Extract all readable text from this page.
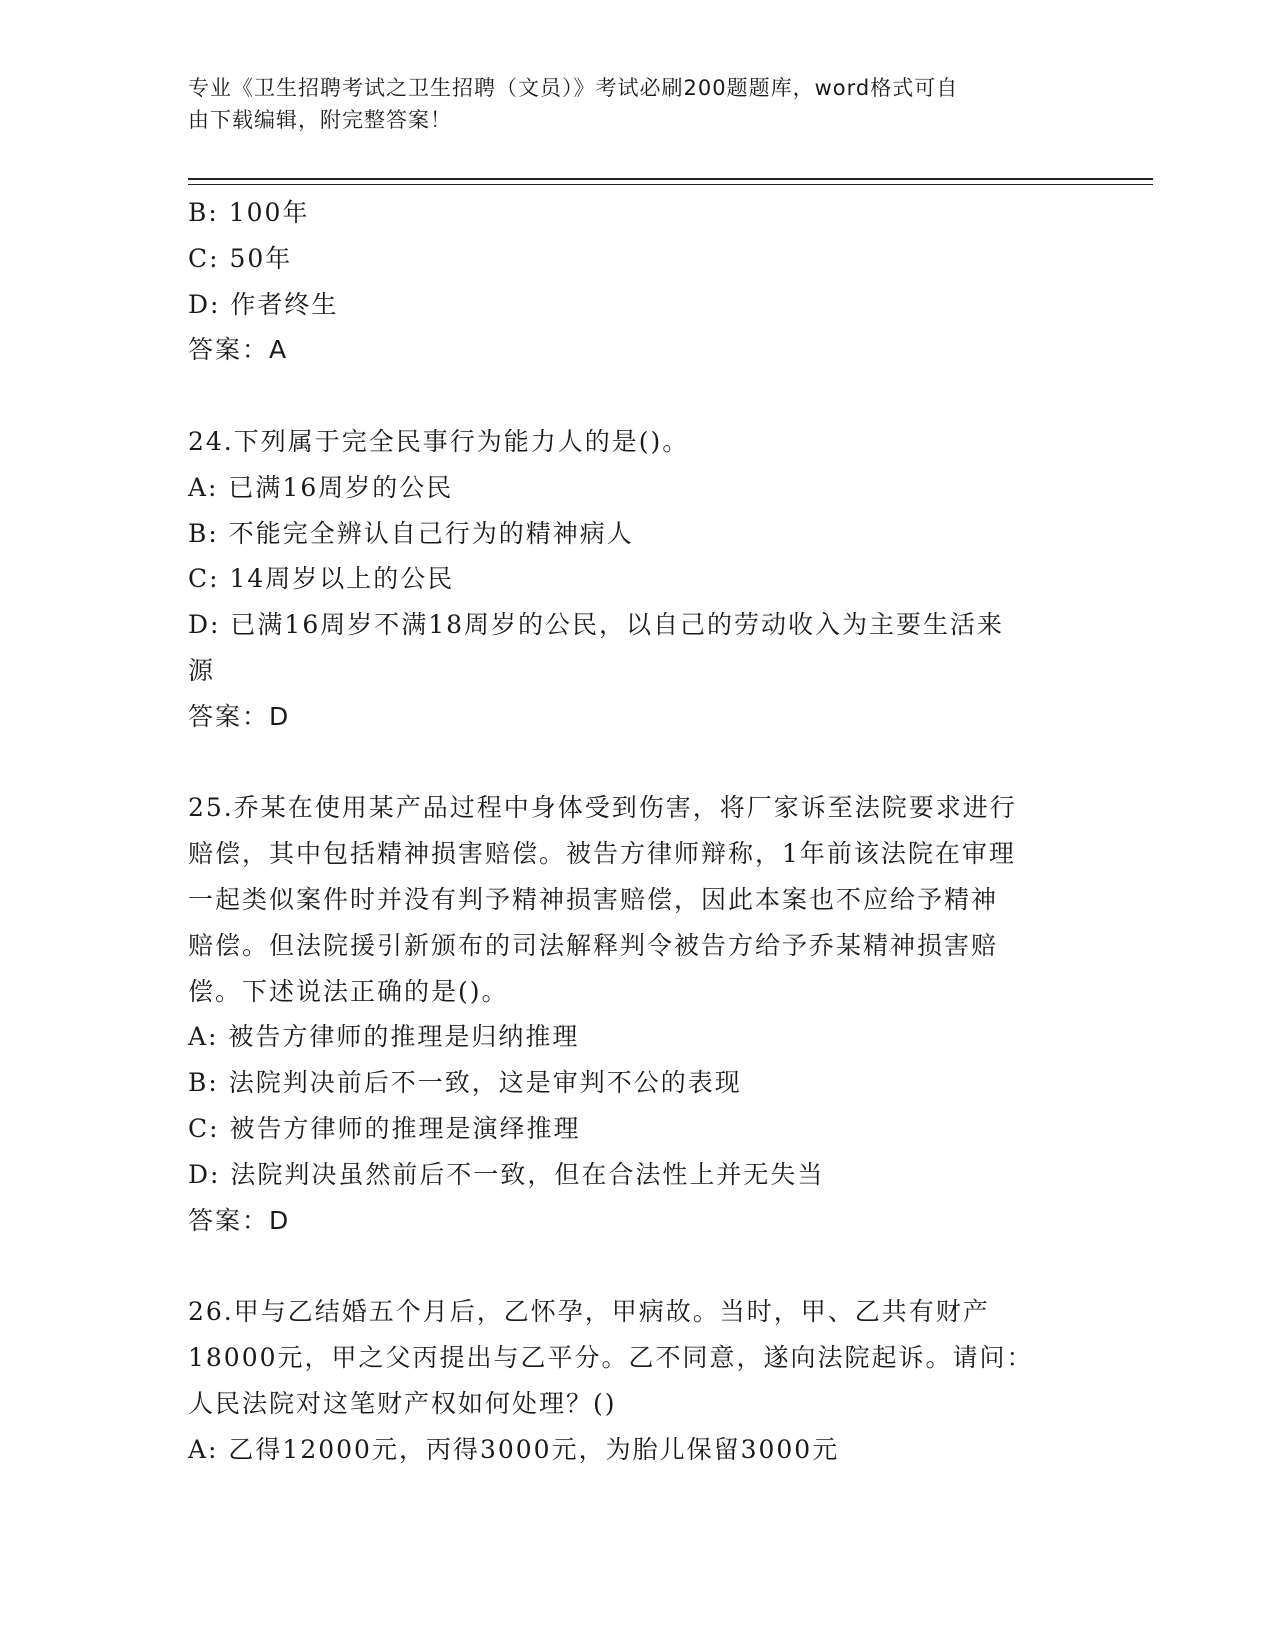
专业《卫生招聘考试之卫生招聘（文员）》考试必刷200题题库，word格式可自
由下载编辑，附完整答案！
B: 100年
C: 50年
D: 作者终生
答案：A
24.下列属于完全民事行为能力人的是()。
A: 已满16周岁的公民
B: 不能完全辨认自己行为的精神病人
C: 14周岁以上的公民
D: 已满16周岁不满18周岁的公民，以自己的劳动收入为主要生活来
源
答案：D
25.乔某在使用某产品过程中身体受到伤害，将厂家诉至法院要求进行
赔偿，其中包括精神损害赔偿。被告方律师辩称，1年前该法院在审理
一起类似案件时并没有判予精神损害赔偿，因此本案也不应给予精神
赔偿。但法院援引新颁布的司法解释判令被告方给予乔某精神损害赔
偿。下述说法正确的是()。
A: 被告方律师的推理是归纳推理
B: 法院判决前后不一致，这是审判不公的表现
C: 被告方律师的推理是演绎推理
D: 法院判决虽然前后不一致，但在合法性上并无失当
答案：D
26.甲与乙结婚五个月后，乙怀孕，甲病故。当时，甲、乙共有财产
18000元，甲之父丙提出与乙平分。乙不同意，遂向法院起诉。请问：
人民法院对这笔财产权如何处理？()
A: 乙得12000元，丙得3000元，为胎儿保留3000元
